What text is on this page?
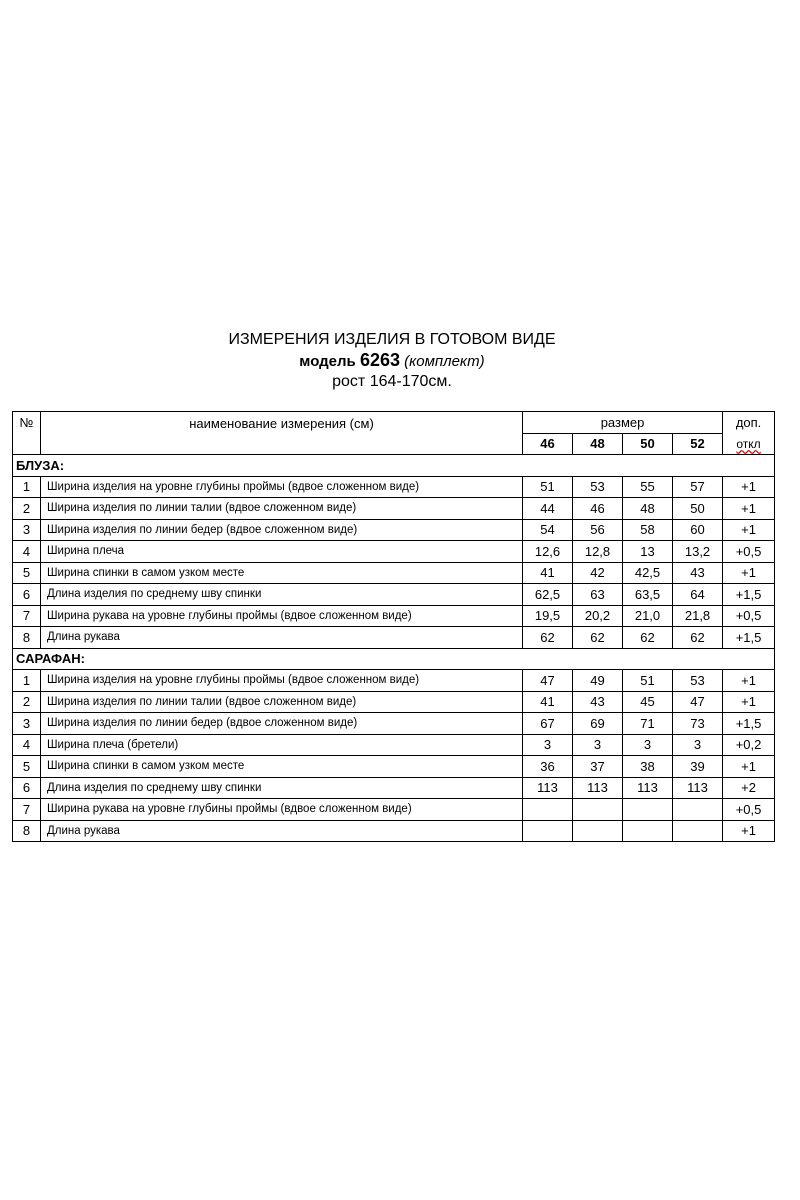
ИЗМЕРЕНИЯ ИЗДЕЛИЯ В ГОТОВОМ ВИДЕ
модель 6263 (комплект)
рост 164-170см.
№	наименование измерения (см)	размер				доп.
		46	48	50	52	откл
БЛУЗА:						
1	Ширина изделия на уровне глубины проймы (вдвое сложенном виде)	51	53	55	57	+1
2	Ширина изделия по линии талии (вдвое сложенном виде)	44	46	48	50	+1
3	Ширина изделия по линии бедер (вдвое сложенном виде)	54	56	58	60	+1
4	Ширина плеча	12,6	12,8	13	13,2	+0,5
5	Ширина спинки в самом узком месте	41	42	42,5	43	+1
6	Длина изделия по среднему шву спинки	62,5	63	63,5	64	+1,5
7	Ширина рукава на уровне глубины проймы (вдвое сложенном виде)	19,5	20,2	21,0	21,8	+0,5
8	Длина рукава	62	62	62	62	+1,5
САРАФАН:						
1	Ширина изделия на уровне глубины проймы (вдвое сложенном виде)	47	49	51	53	+1
2	Ширина изделия по линии талии (вдвое сложенном виде)	41	43	45	47	+1
3	Ширина изделия по линии бедер (вдвое сложенном виде)	67	69	71	73	+1,5
4	Ширина плеча (бретели)	3	3	3	3	+0,2
5	Ширина спинки в самом узком месте	36	37	38	39	+1
6	Длина изделия по среднему шву спинки	113	113	113	113	+2
7	Ширина рукава на уровне глубины проймы (вдвое сложенном виде)					+0,5
8	Длина рукава					+1
